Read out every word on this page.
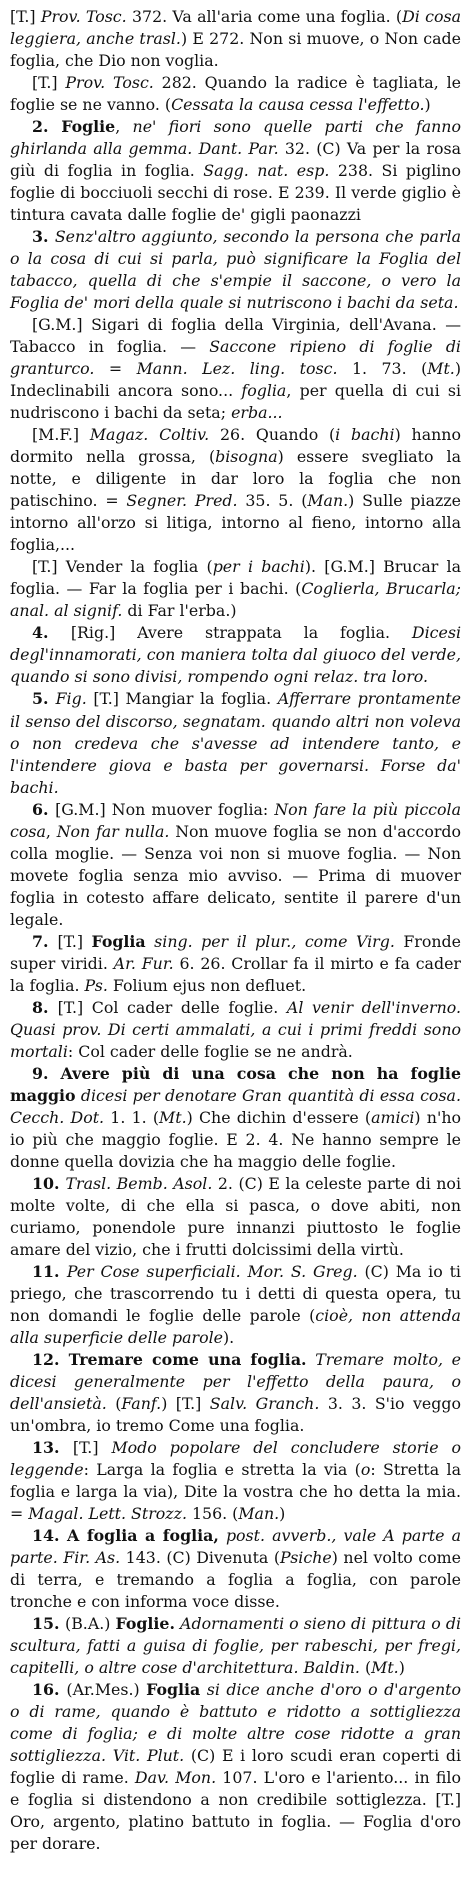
[T.] Prov. Tosc. 372. Va all'aria come una foglia. (Di cosa leggiera, anche trasl.) E 272. Non si muove, o Non cade foglia, che Dio non voglia.

[T.] Prov. Tosc. 282. Quando la radice è tagliata, le foglie se ne vanno. (Cessata la causa cessa l'effetto.)

2. Foglie, ne' fiori sono quelle parti che fanno ghirlanda alla gemma. Dant. Par. 32. (C) Va per la rosa giù di foglia in foglia. Sagg. nat. esp. 238. Si piglino foglie di bocciuoli secchi di rose. E 239. Il verde giglio è tintura cavata dalle foglie de' gigli paonazzi

3. Senz'altro aggiunto, secondo la persona che parla o la cosa di cui si parla, può significare la Foglia del tabacco, quella di che s'empie il saccone, o vero la Foglia de' mori della quale si nutriscono i bachi da seta.

[G.M.] Sigari di foglia della Virginia, dell'Avana. — Tabacco in foglia. — Saccone ripieno di foglie di granturco. = Mann. Lez. ling. tosc. 1. 73. (Mt.) Indeclinabili ancora sono... foglia, per quella di cui si nudriscono i bachi da seta; erba...

[M.F.] Magaz. Coltiv. 26. Quando (i bachi) hanno dormito nella grossa, (bisogna) essere svegliato la notte, e diligente in dar loro la foglia che non patischino. = Segner. Pred. 35. 5. (Man.) Sulle piazze intorno all'orzo si litiga, intorno al fieno, intorno alla foglia,...

[T.] Vender la foglia (per i bachi). [G.M.] Brucar la foglia. — Far la foglia per i bachi. (Coglierla, Brucarla; anal. al signif. di Far l'erba.)

4. [Rig.] Avere strappata la foglia. Dicesi degl'innamorati, con maniera tolta dal giuoco del verde, quando si sono divisi, rompendo ogni relaz. tra loro.

5. Fig. [T.] Mangiar la foglia. Afferrare prontamente il senso del discorso, segnatam. quando altri non voleva o non credeva che s'avesse ad intendere tanto, e l'intendere giova e basta per governarsi. Forse da' bachi.

6. [G.M.] Non muover foglia: Non fare la più piccola cosa, Non far nulla. Non muove foglia se non d'accordo colla moglie. — Senza voi non si muove foglia. — Non movete foglia senza mio avviso. — Prima di muover foglia in cotesto affare delicato, sentite il parere d'un legale.

7. [T.] Foglia sing. per il plur., come Virg. Fronde super viridi. Ar. Fur. 6. 26. Crollar fa il mirto e fa cader la foglia. Ps. Folium ejus non defluet.

8. [T.] Col cader delle foglie. Al venir dell'inverno. Quasi prov. Di certi ammalati, a cui i primi freddi sono mortali: Col cader delle foglie se ne andrà.

9. Avere più di una cosa che non ha foglie maggio dicesi per denotare Gran quantità di essa cosa. Cecch. Dot. 1. 1. (Mt.) Che dichin d'essere (amici) n'ho io più che maggio foglie. E 2. 4. Ne hanno sempre le donne quella dovizia che ha maggio delle foglie.

10. Trasl. Bemb. Asol. 2. (C) E la celeste parte di noi molte volte, di che ella si pasca, o dove abiti, non curiamo, ponendole pure innanzi piuttosto le foglie amare del vizio, che i frutti dolcissimi della virtù.

11. Per Cose superficiali. Mor. S. Greg. (C) Ma io ti priego, che trascorrendo tu i detti di questa opera, tu non domandi le foglie delle parole (cioè, non attenda alla superficie delle parole).

12. Tremare come una foglia. Tremare molto, e dicesi generalmente per l'effetto della paura, o dell'ansietà. (Fanf.) [T.] Salv. Granch. 3. 3. S'io veggo un'ombra, io tremo Come una foglia.

13. [T.] Modo popolare del concludere storie o leggende: Larga la foglia e stretta la via (o: Stretta la foglia e larga la via), Dite la vostra che ho detta la mia. = Magal. Lett. Strozz. 156. (Man.)

14. A foglia a foglia, post. avverb., vale A parte a parte. Fir. As. 143. (C) Divenuta (Psiche) nel volto come di terra, e tremando a foglia a foglia, con parole tronche e con informa voce disse.

15. (B.A.) Foglie. Adornamenti o sieno di pittura o di scultura, fatti a guisa di foglie, per rabeschi, per fregi, capitelli, o altre cose d'architettura. Baldin. (Mt.)

16. (Ar.Mes.) Foglia si dice anche d'oro o d'argento o di rame, quando è battuto e ridotto a sottigliezza come di foglia; e di molte altre cose ridotte a gran sottigliezza. Vit. Plut. (C) E i loro scudi eran coperti di foglie di rame. Dav. Mon. 107. L'oro e l'ariento... in filo e foglia si distendono a non credibile sottiglezza. [T.] Oro, argento, platino battuto in foglia. — Foglia d'oro per dorare.
